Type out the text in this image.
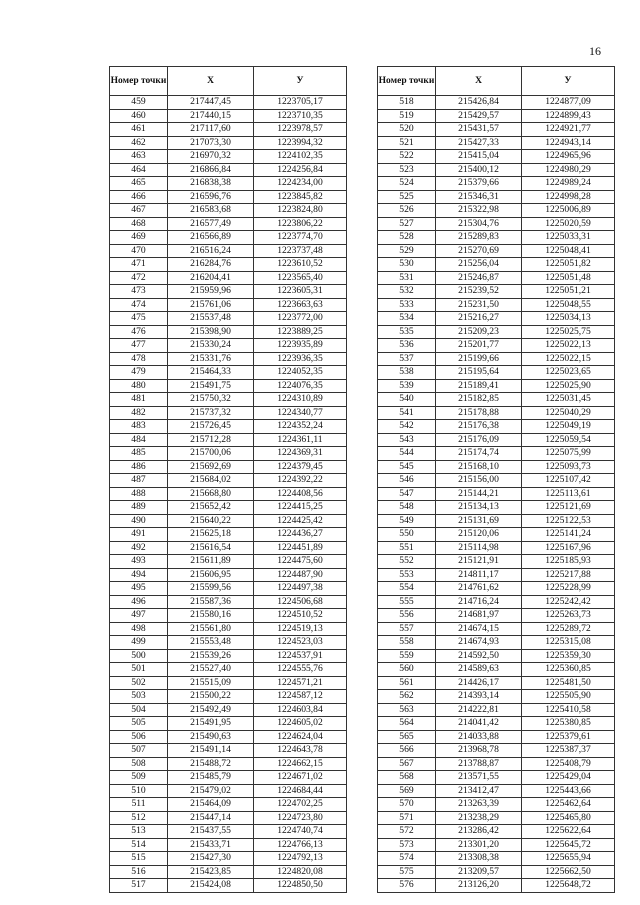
16
Номер точки	X	У
459	217447,45	1223705,17
460	217440,15	1223710,35
461	217117,60	1223978,57
462	217073,30	1223994,32
463	216970,32	1224102,35
464	216866,84	1224256,84
465	216838,38	1224234,00
466	216596,76	1223845,82
467	216583,68	1223824,80
468	216577,49	1223806,22
469	216566,89	1223774,70
470	216516,24	1223737,48
471	216284,76	1223610,52
472	216204,41	1223565,40
473	215959,96	1223605,31
474	215761,06	1223663,63
475	215537,48	1223772,00
476	215398,90	1223889,25
477	215330,24	1223935,89
478	215331,76	1223936,35
479	215464,33	1224052,35
480	215491,75	1224076,35
481	215750,32	1224310,89
482	215737,32	1224340,77
483	215726,45	1224352,24
484	215712,28	1224361,11
485	215700,06	1224369,31
486	215692,69	1224379,45
487	215684,02	1224392,22
488	215668,80	1224408,56
489	215652,42	1224415,25
490	215640,22	1224425,42
491	215625,18	1224436,27
492	215616,54	1224451,89
493	215611,89	1224475,60
494	215606,95	1224487,90
495	215599,56	1224497,38
496	215587,36	1224506,68
497	215580,16	1224510,52
498	215561,80	1224519,13
499	215553,48	1224523,03
500	215539,26	1224537,91
501	215527,40	1224555,76
502	215515,09	1224571,21
503	215500,22	1224587,12
504	215492,49	1224603,84
505	215491,95	1224605,02
506	215490,63	1224624,04
507	215491,14	1224643,78
508	215488,72	1224662,15
509	215485,79	1224671,02
510	215479,02	1224684,44
511	215464,09	1224702,25
512	215447,14	1224723,80
513	215437,55	1224740,74
514	215433,71	1224766,13
515	215427,30	1224792,13
516	215423,85	1224820,08
517	215424,08	1224850,50
Номер точки	X	У
518	215426,84	1224877,09
519	215429,57	1224899,43
520	215431,57	1224921,77
521	215427,33	1224943,14
522	215415,04	1224965,96
523	215400,12	1224980,29
524	215379,66	1224989,24
525	215346,31	1224998,28
526	215322,98	1225006,89
527	215304,76	1225020,59
528	215289,83	1225033,31
529	215270,69	1225048,41
530	215256,04	1225051,82
531	215246,87	1225051,48
532	215239,52	1225051,21
533	215231,50	1225048,55
534	215216,27	1225034,13
535	215209,23	1225025,75
536	215201,77	1225022,13
537	215199,66	1225022,15
538	215195,64	1225023,65
539	215189,41	1225025,90
540	215182,85	1225031,45
541	215178,88	1225040,29
542	215176,38	1225049,19
543	215176,09	1225059,54
544	215174,74	1225075,99
545	215168,10	1225093,73
546	215156,00	1225107,42
547	215144,21	1225113,61
548	215134,13	1225121,69
549	215131,69	1225122,53
550	215120,06	1225141,24
551	215114,98	1225167,96
552	215121,91	1225185,93
553	214811,17	1225217,88
554	214761,62	1225228,99
555	214716,24	1225242,42
556	214681,97	1225263,73
557	214674,15	1225289,72
558	214674,93	1225315,08
559	214592,50	1225359,30
560	214589,63	1225360,85
561	214426,17	1225481,50
562	214393,14	1225505,90
563	214222,81	1225410,58
564	214041,42	1225380,85
565	214033,88	1225379,61
566	213968,78	1225387,37
567	213788,87	1225408,79
568	213571,55	1225429,04
569	213412,47	1225443,66
570	213263,39	1225462,64
571	213238,29	1225465,80
572	213286,42	1225622,64
573	213301,20	1225645,72
574	213308,38	1225655,94
575	213209,57	1225662,50
576	213126,20	1225648,72
